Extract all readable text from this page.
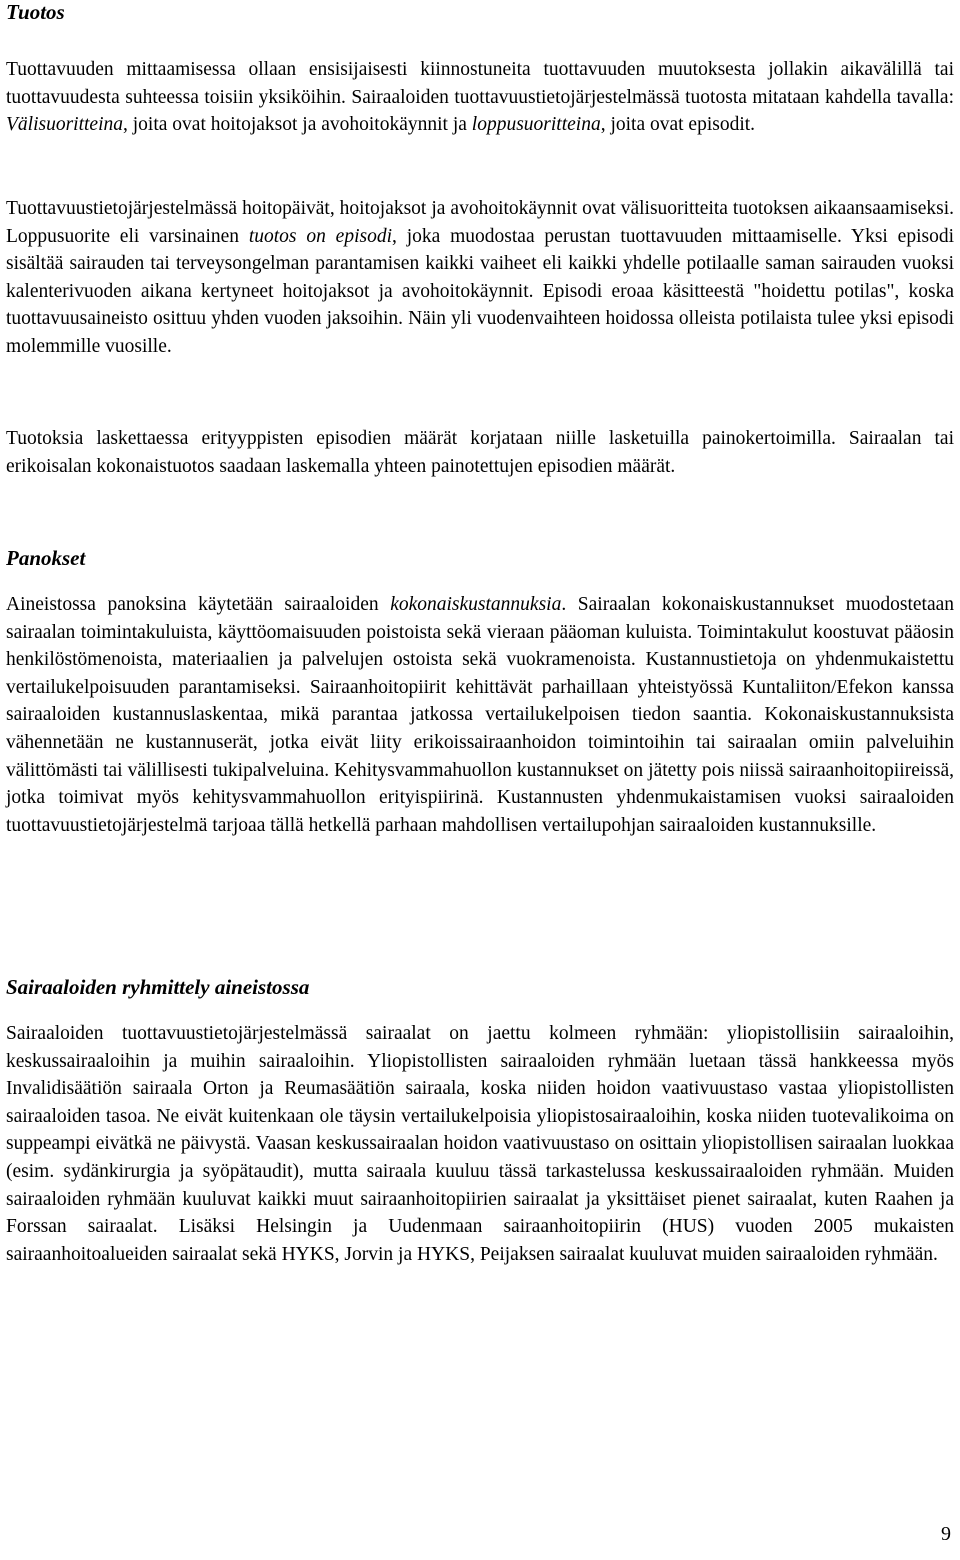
Tuotos

Tuottavuuden mittaamisessa ollaan ensisijaisesti kiinnostuneita tuottavuuden muutoksesta jollakin aikavälillä tai tuottavuudesta suhteessa toisiin yksiköihin. Sairaaloiden tuottavuustietojärjestelmässä tuotosta mitataan kahdella tavalla: Välisuoritteina, joita ovat hoitojaksot ja avohoitokäynnit ja loppusuoritteina, joita ovat episodit.

Tuottavuustietojärjestelmässä hoitopäivät, hoitojaksot ja avohoitokäynnit ovat välisuoritteita tuotoksen aikaansaamiseksi. Loppusuorite eli varsinainen tuotos on episodi, joka muodostaa perustan tuottavuuden mittaamiselle. Yksi episodi sisältää sairauden tai terveysongelman parantamisen kaikki vaiheet eli kaikki yhdelle potilaalle saman sairauden vuoksi kalenterivuoden aikana kertyneet hoitojaksot ja avohoitokäynnit. Episodi eroaa käsitteestä "hoidettu potilas", koska tuottavuusaineisto osittuu yhden vuoden jaksoihin. Näin yli vuodenvaihteen hoidossa olleista potilaista tulee yksi episodi molemmille vuosille.

Tuotoksia laskettaessa erityyppisten episodien määrät korjataan niille lasketuilla painokertoimilla. Sairaalan tai erikoisalan kokonaistuotos saadaan laskemalla yhteen painotettujen episodien määrät.

Panokset

Aineistossa panoksina käytetään sairaaloiden kokonaiskustannuksia. Sairaalan kokonaiskustannukset muodostetaan sairaalan toimintakuluista, käyttöomaisuuden poistoista sekä vieraan pääoman kuluista. Toimintakulut koostuvat pääosin henkilöstömenoista, materiaalien ja palvelujen ostoista sekä vuokramenoista. Kustannustietoja on yhdenmukaistettu vertailukelpoisuuden parantamiseksi. Sairaanhoitopiirit kehittävät parhaillaan yhteistyössä Kuntaliiton/Efekon kanssa sairaaloiden kustannuslaskentaa, mikä parantaa jatkossa vertailukelpoisen tiedon saantia. Kokonaiskustannuksista vähennetään ne kustannuserät, jotka eivät liity erikoissairaanhoidon toimintoihin tai sairaalan omiin palveluihin välittömästi tai välillisesti tukipalveluina. Kehitysvammahuollon kustannukset on jätetty pois niissä sairaanhoitopiireissä, jotka toimivat myös kehitysvammahuollon erityispiirinä. Kustannusten yhdenmukaistamisen vuoksi sairaaloiden tuottavuustietojärjestelmä tarjoaa tällä hetkellä parhaan mahdollisen vertailupohjan sairaaloiden kustannuksille.

Sairaaloiden ryhmittely aineistossa

Sairaaloiden tuottavuustietojärjestelmässä sairaalat on jaettu kolmeen ryhmään: yliopistollisiin sairaaloihin, keskussairaaloihin ja muihin sairaaloihin. Yliopistollisten sairaaloiden ryhmään luetaan tässä hankkeessa myös Invalidisäätiön sairaala Orton ja Reumasäätiön sairaala, koska niiden hoidon vaativuustaso vastaa yliopistollisten sairaaloiden tasoa. Ne eivät kuitenkaan ole täysin vertailukelpoisia yliopistosairaaloihin, koska niiden tuotevalikoima on suppeampi eivätkä ne päivystä. Vaasan keskussairaalan hoidon vaativuustaso on osittain yliopistollisen sairaalan luokkaa (esim. sydänkirurgia ja syöpätaudit), mutta sairaala kuuluu tässä tarkastelussa keskussairaaloiden ryhmään. Muiden sairaaloiden ryhmään kuuluvat kaikki muut sairaanhoitopiirien sairaalat ja yksittäiset pienet sairaalat, kuten Raahen ja Forssan sairaalat. Lisäksi Helsingin ja Uudenmaan sairaanhoitopiirin (HUS) vuoden 2005 mukaisten sairaanhoitoalueiden sairaalat sekä HYKS, Jorvin ja HYKS, Peijaksen sairaalat kuuluvat muiden sairaaloiden ryhmään.

9
